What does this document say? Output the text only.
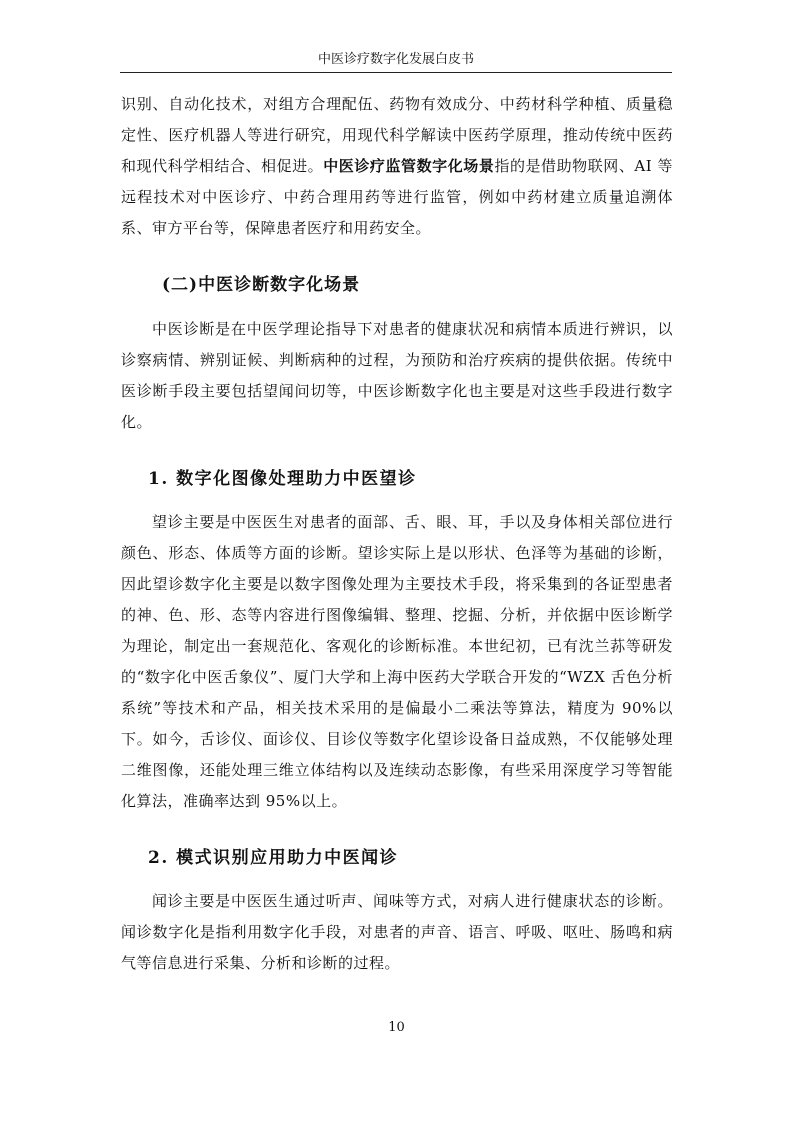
中医诊疗数字化发展白皮书

识别、自动化技术，对组方合理配伍、药物有效成分、中药材科学种植、质量稳定性、医疗机器人等进行研究，用现代科学解读中医药学原理，推动传统中医药和现代科学相结合、相促进。中医诊疗监管数字化场景指的是借助物联网、AI 等远程技术对中医诊疗、中药合理用药等进行监管，例如中药材建立质量追溯体系、审方平台等，保障患者医疗和用药安全。

(二)中医诊断数字化场景

中医诊断是在中医学理论指导下对患者的健康状况和病情本质进行辨识，以诊察病情、辨别证候、判断病种的过程，为预防和治疗疾病的提供依据。传统中医诊断手段主要包括望闻问切等，中医诊断数字化也主要是对这些手段进行数字化。

1. 数字化图像处理助力中医望诊

望诊主要是中医医生对患者的面部、舌、眼、耳，手以及身体相关部位进行颜色、形态、体质等方面的诊断。望诊实际上是以形状、色泽等为基础的诊断，因此望诊数字化主要是以数字图像处理为主要技术手段，将采集到的各证型患者的神、色、形、态等内容进行图像编辑、整理、挖掘、分析，并依据中医诊断学为理论，制定出一套规范化、客观化的诊断标准。本世纪初，已有沈兰荪等研发的“数字化中医舌象仪”、厦门大学和上海中医药大学联合开发的“WZX 舌色分析系统”等技术和产品，相关技术采用的是偏最小二乘法等算法，精度为 90%以下。如今，舌诊仪、面诊仪、目诊仪等数字化望诊设备日益成熟，不仅能够处理二维图像，还能处理三维立体结构以及连续动态影像，有些采用深度学习等智能化算法，准确率达到 95%以上。

2. 模式识别应用助力中医闻诊

闻诊主要是中医医生通过听声、闻味等方式，对病人进行健康状态的诊断。闻诊数字化是指利用数字化手段，对患者的声音、语言、呼吸、呕吐、肠鸣和病气等信息进行采集、分析和诊断的过程。

10
